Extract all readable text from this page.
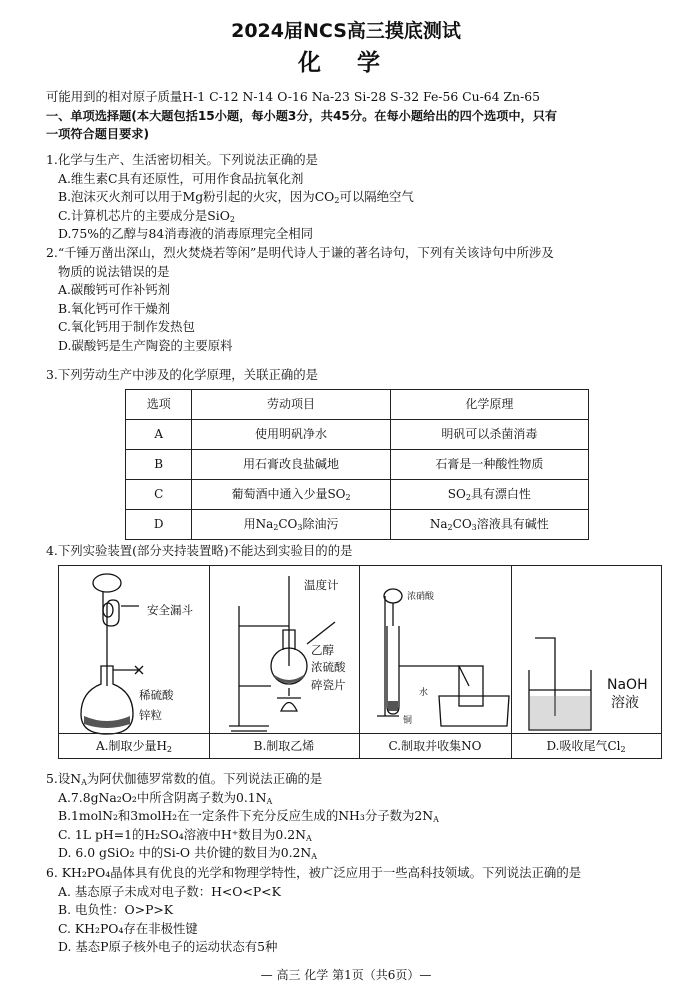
2024届NCS高三摸底测试
化 学
可能用到的相对原子质量H-1 C-12 N-14 O-16 Na-23 Si-28 S-32 Fe-56 Cu-64 Zn-65
一、单项选择题(本大题包括15小题，每小题3分，共45分。在每小题给出的四个选项中，只有
一项符合题目要求)
1.化学与生产、生活密切相关。下列说法正确的是
A.维生素C具有还原性，可用作食品抗氧化剂
B.泡沫灭火剂可以用于Mg粉引起的火灾，因为$CO_2$可以隔绝空气
C.计算机芯片的主要成分是SiO$_2$
D.75%的乙醇与84消毒液的消毒原理完全相同
2.“千锤万凿出深山，烈火焚烧若等闲”是明代诗人于谦的著名诗句，下列有关该诗句中所涉及
物质的说法错误的是
A.碳酸钙可作补钙剂
B.氧化钙可作干燥剂
C.氧化钙用于制作发热包
D.碳酸钙是生产陶瓷的主要原料
3.下列劳动生产中涉及的化学原理，关联正确的是
选项	劳动项目	化学原理
A	使用明矾净水	明矾可以杀菌消毒
B	用石膏改良盐碱地	石膏是一种酸性物质
C	葡萄酒中通入少量$SO_2$	$SO_2$具有漂白性
D	用$Na_2CO_3$除油污	$Na_2CO_3$溶液具有碱性
4.下列实验装置(部分夹持装置略)不能达到实验目的的是
安全漏斗
稀硫酸
锌粒
A.制取少量$H_2$
温度计
乙醇
浓硫酸
碎瓷片
B.制取乙烯
浓硝酸
水
铜
C.制取并收集NO
NaOH
溶液
D.吸收尾气$Cl_2$
5.设$N_A$为阿伏伽德罗常数的值。下列说法正确的是
A.7.8gNa₂O₂中所含阴离子数为$0.1N_A$
B.1molN₂和3molH₂在一定条件下充分反应生成的NH₃分子数为$2N_A$
C. 1L pH=1的H₂SO₄溶液中H⁺数目为$0.2N_A$
D. 6.0 gSiO₂ 中的Si-O 共价键的数目为$0.2N_A$
6. KH₂PO₄晶体具有优良的光学和物理学特性，被广泛应用于一些高科技领域。下列说法正确的是
A. 基态原子未成对电子数：H<O<P<K
B. 电负性：O>P>K
C. KH₂PO₄存在非极性键
D. 基态P原子核外电子的运动状态有5种
— 高三 化学 第1页（共6页）—
